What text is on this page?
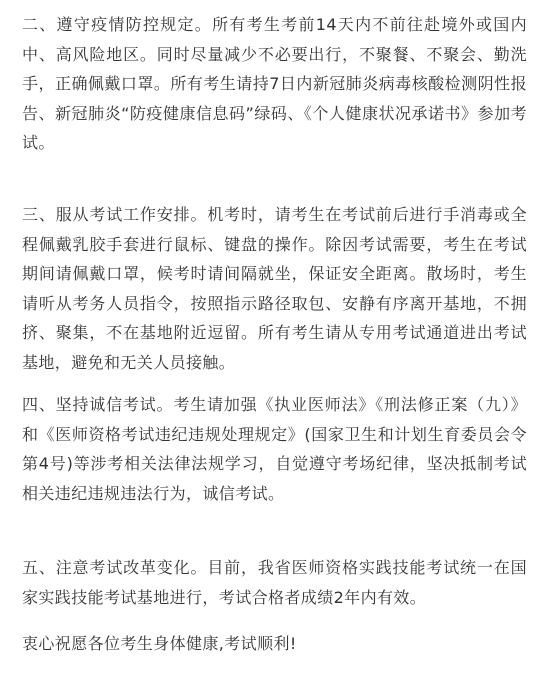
二、遵守疫情防控规定。所有考生考前14天内不前往赴境外或国内中、高风险地区。同时尽量减少不必要出行，不聚餐、不聚会、勤洗手，正确佩戴口罩。所有考生请持7日内新冠肺炎病毒核酸检测阴性报告、新冠肺炎“防疫健康信息码”绿码、《个人健康状况承诺书》参加考试。

三、服从考试工作安排。机考时，请考生在考试前后进行手消毒或全程佩戴乳胶手套进行鼠标、键盘的操作。除因考试需要，考生在考试期间请佩戴口罩，候考时请间隔就坐，保证安全距离。散场时，考生请听从考务人员指令，按照指示路径取包、安静有序离开基地，不拥挤、聚集，不在基地附近逗留。所有考生请从专用考试通道进出考试基地，避免和无关人员接触。

四、坚持诚信考试。考生请加强《执业医师法》《刑法修正案（九）》和《医师资格考试违纪违规处理规定》(国家卫生和计划生育委员会令第4号)等涉考相关法律法规学习，自觉遵守考场纪律，坚决抵制考试相关违纪违规违法行为，诚信考试。

五、注意考试改革变化。目前，我省医师资格实践技能考试统一在国家实践技能考试基地进行，考试合格者成绩2年内有效。

衷心祝愿各位考生身体健康,考试顺利!
